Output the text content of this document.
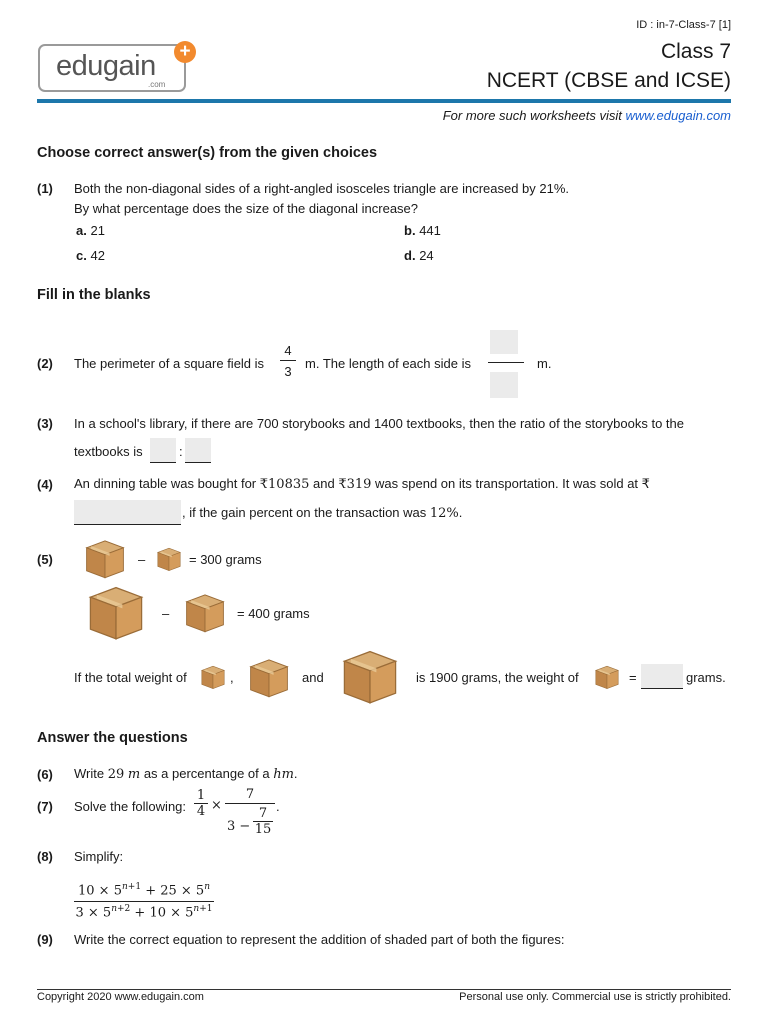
edugain
.com
+
ID : in-7-Class-7 [1]
Class 7
NCERT (CBSE and ICSE)
For more such worksheets visit www.edugain.com
Choose correct answer(s) from the given choices
(1) Both the non-diagonal sides of a right-angled isosceles triangle are increased by 21%.
By what percentage does the size of the diagonal increase?
a. 21	b. 441
c. 42	d. 24
Fill in the blanks
(2) The perimeter of a square field is
4
3
m. The length of each side is	m.
(3) In a school's library, if there are 700 storybooks and 1400 textbooks, then the ratio of the storybooks to the
textbooks is	:
(4) An dinning table was bought for ₹10835 and ₹319 was spend on its transportation. It was sold at ₹
, if the gain percent on the transaction was 12%.
(5)	–	= 300 grams
–	= 400 grams
If the total weight of	,	and	is 1900 grams, the weight of	=	grams.
Answer the questions
(6) Write 29 m as a percentange of a hm.
(7) Solve the following:
1
4 ×
7
3 −
7
15
.
(8) Simplify:
$10 \times 5^{n+1} + 25 \times 5^n$
$3 \times 5^{n+2} + 10 \times 5^{n+1}$
(9) Write the correct equation to represent the addition of shaded part of both the figures:
Copyright 2020 www.edugain.com	Personal use only. Commercial use is strictly prohibited.
